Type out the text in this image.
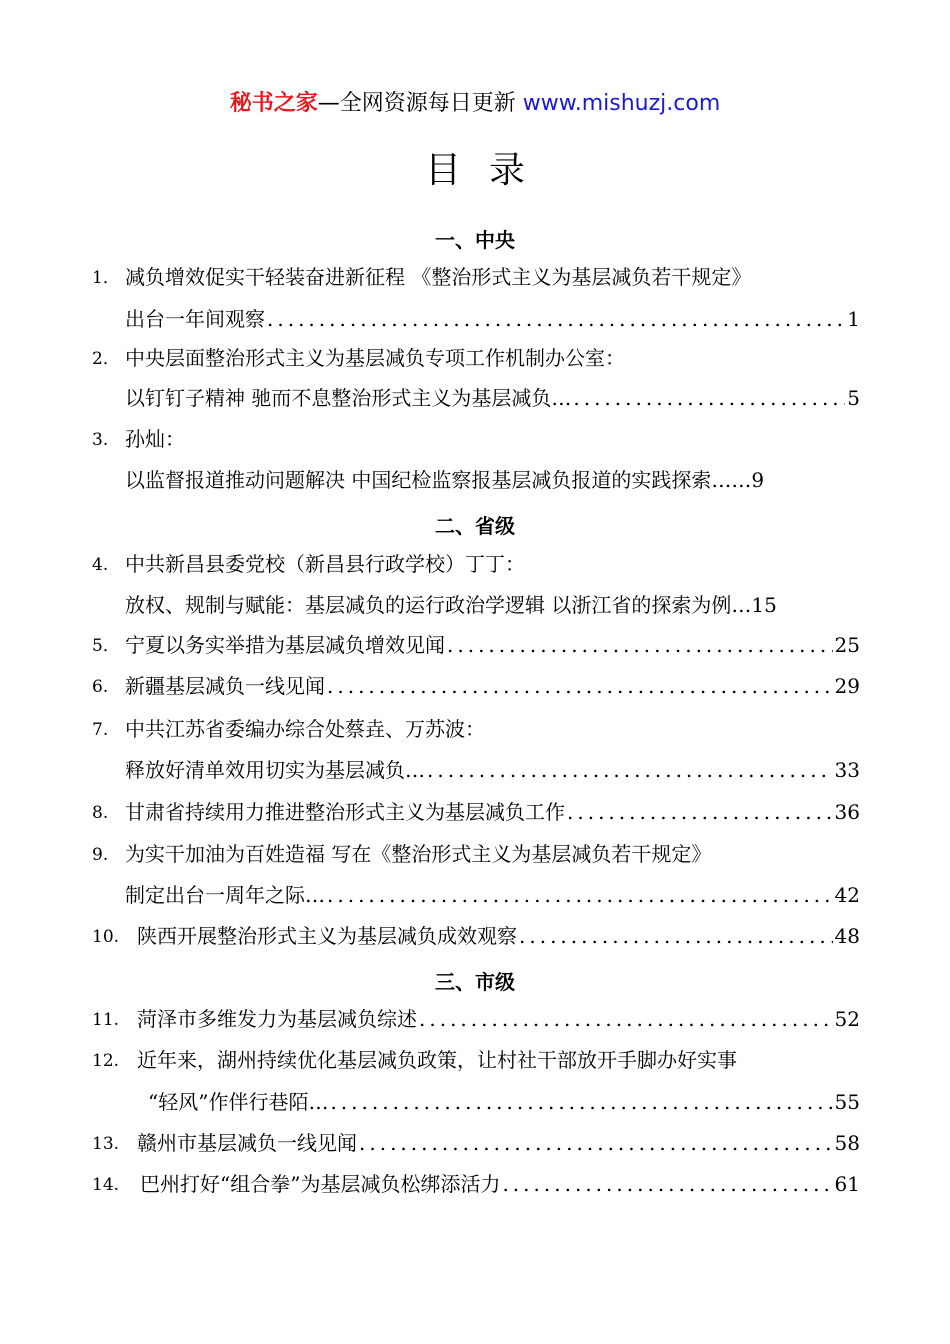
秘书之家—全网资源每日更新 www.mishuzj.com
目录
一、中央
1． 减负增效促实干轻装奋进新征程 《整治形式主义为基层减负若干规定》
出台一年间观察 .....	1
2． 中央层面整治形式主义为基层减负专项工作机制办公室：
以钉钉子精神 驰而不息整治形式主义为基层减负… .....	5
3. 孙灿：
以监督报道推动问题解决 中国纪检监察报基层减负报道的实践探索……9
二、省级
4. 中共新昌县委党校（新昌县行政学校）丁丁：
放权、规制与赋能：基层减负的运行政治学逻辑 以浙江省的探索为例…15
5． 宁夏以务实举措为基层减负增效见闻 .....	25
6. 新疆基层减负一线见闻 .....	29
7. 中共江苏省委编办综合处蔡垚、万苏波：
释放好清单效用切实为基层减负… .....	33
8. 甘肃省持续用力推进整治形式主义为基层减负工作 .....	36
9. 为实干加油为百姓造福 写在《整治形式主义为基层减负若干规定》
制定出台一周年之际… .....	42
10. 陕西开展整治形式主义为基层减负成效观察 .....	48
三、市级
11. 菏泽市多维发力为基层减负综述 .....	52
12. 近年来，湖州持续优化基层减负政策，让村社干部放开手脚办好实事
“轻风”作伴行巷陌… .....	55
13. 赣州市基层减负一线见闻 .....	58
14. 巴州打好“组合拳”为基层减负松绑添活力 .....	61
